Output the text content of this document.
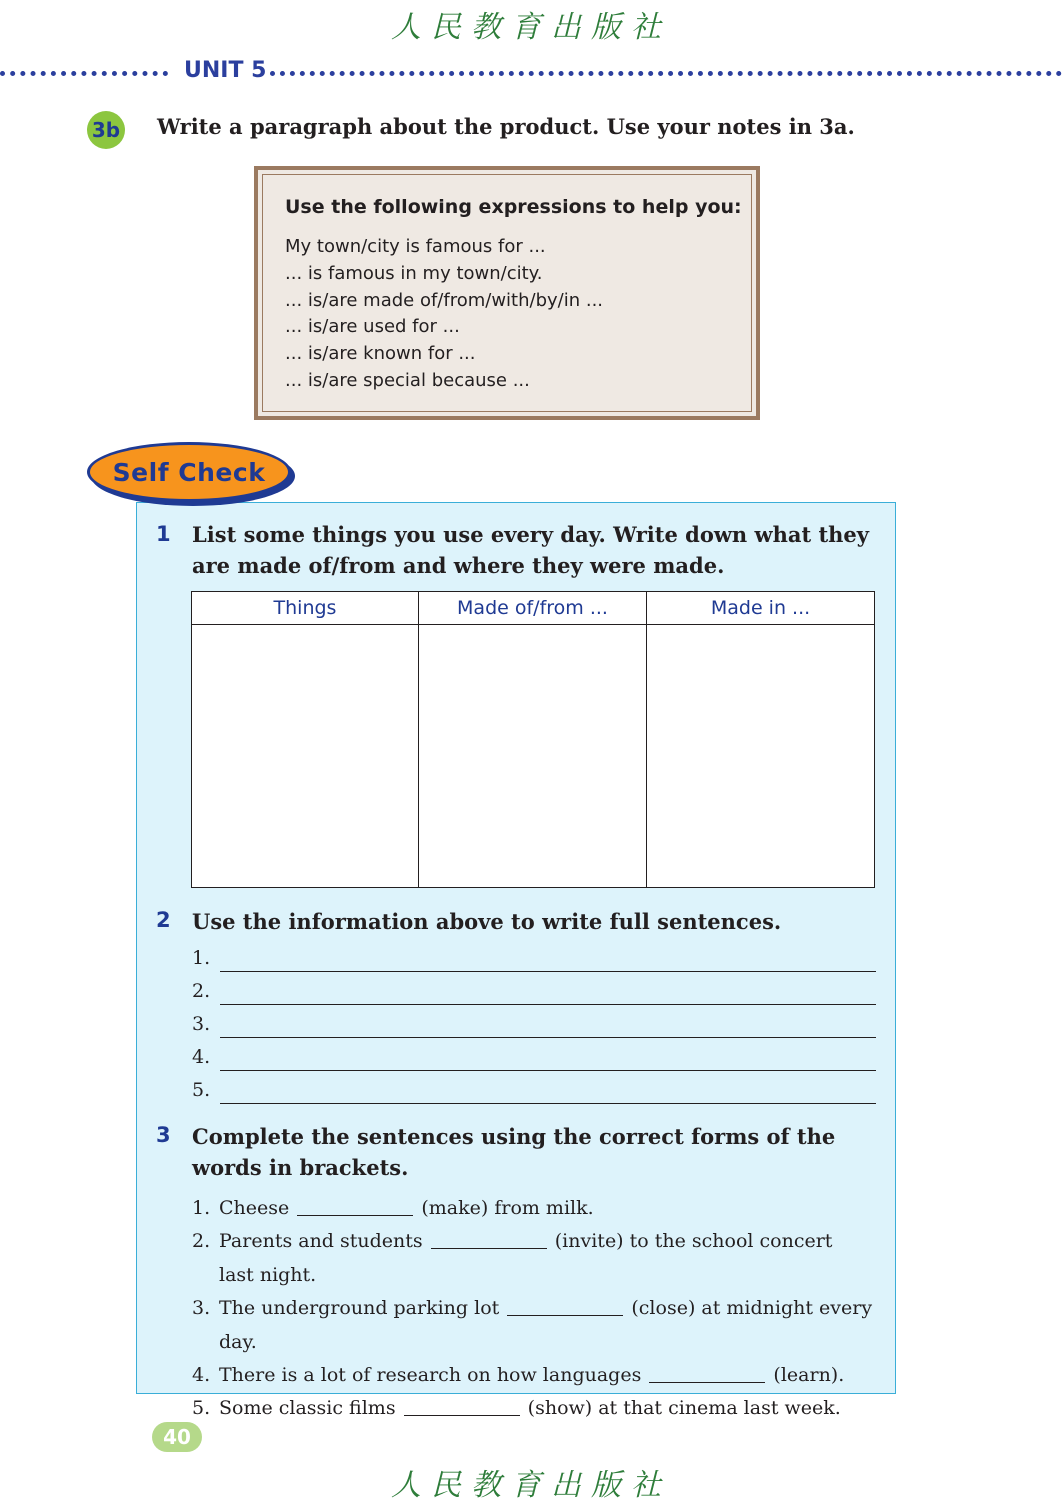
人民教育出版社
UNIT 5
3b Write a paragraph about the product. Use your notes in 3a.
Use the following expressions to help you:
My town/city is famous for ...
... is famous in my town/city.
... is/are made of/from/with/by/in ...
... is/are used for ...
... is/are known for ...
... is/are special because ...
Self Check
1 List some things you use every day. Write down what they are made of/from and where they were made.
Things	Made of/from ...	Made in ...
2 Use the information above to write full sentences.
1.
2.
3.
4.
5.
3 Complete the sentences using the correct forms of the words in brackets.
1. Cheese	(make) from milk.
2. Parents and students	(invite) to the school concert last night.
3. The underground parking lot	(close) at midnight every day.
4. There is a lot of research on how languages	(learn).
5. Some classic films	(show) at that cinema last week.
40
人民教育出版社
